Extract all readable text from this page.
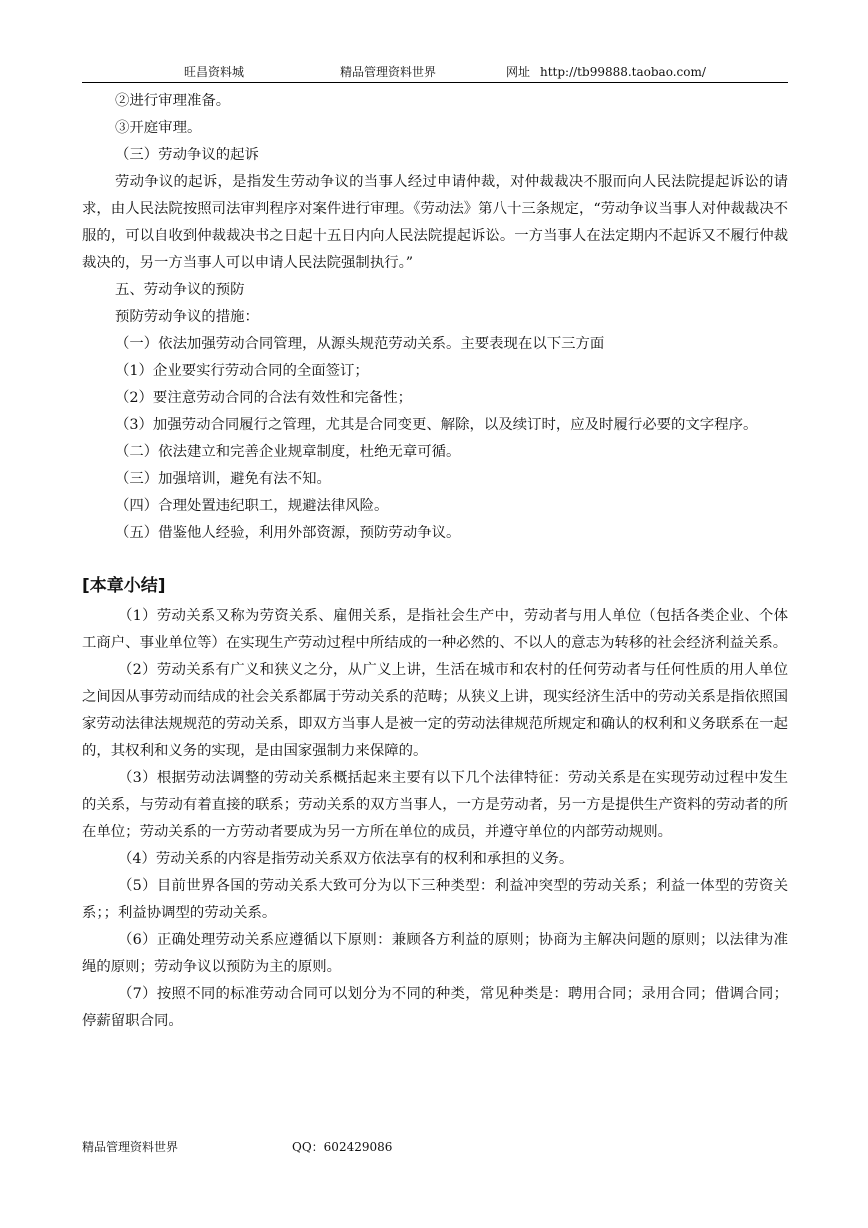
旺昌资料城	精品管理资料世界	网址 http://tb99888.taobao.com/

②进行审理准备。

③开庭审理。

（三）劳动争议的起诉

劳动争议的起诉，是指发生劳动争议的当事人经过申请仲裁，对仲裁裁决不服而向人民法院提起诉讼的请求，由人民法院按照司法审判程序对案件进行审理。《劳动法》第八十三条规定，“劳动争议当事人对仲裁裁决不服的，可以自收到仲裁裁决书之日起十五日内向人民法院提起诉讼。一方当事人在法定期内不起诉又不履行仲裁裁决的，另一方当事人可以申请人民法院强制执行。”

五、劳动争议的预防

预防劳动争议的措施：

（一）依法加强劳动合同管理，从源头规范劳动关系。主要表现在以下三方面

（1）企业要实行劳动合同的全面签订；

（2）要注意劳动合同的合法有效性和完备性；

（3）加强劳动合同履行之管理，尤其是合同变更、解除，以及续订时，应及时履行必要的文字程序。

（二）依法建立和完善企业规章制度，杜绝无章可循。

（三）加强培训，避免有法不知。

（四）合理处置违纪职工，规避法律风险。

（五）借鉴他人经验，利用外部资源，预防劳动争议。

[本章小结]

（1）劳动关系又称为劳资关系、雇佣关系，是指社会生产中，劳动者与用人单位（包括各类企业、个体工商户、事业单位等）在实现生产劳动过程中所结成的一种必然的、不以人的意志为转移的社会经济利益关系。

（2）劳动关系有广义和狭义之分，从广义上讲，生活在城市和农村的任何劳动者与任何性质的用人单位之间因从事劳动而结成的社会关系都属于劳动关系的范畴；从狭义上讲，现实经济生活中的劳动关系是指依照国家劳动法律法规规范的劳动关系，即双方当事人是被一定的劳动法律规范所规定和确认的权利和义务联系在一起的，其权利和义务的实现，是由国家强制力来保障的。

（3）根据劳动法调整的劳动关系概括起来主要有以下几个法律特征：劳动关系是在实现劳动过程中发生的关系，与劳动有着直接的联系；劳动关系的双方当事人，一方是劳动者，另一方是提供生产资料的劳动者的所在单位；劳动关系的一方劳动者要成为另一方所在单位的成员，并遵守单位的内部劳动规则。

（4）劳动关系的内容是指劳动关系双方依法享有的权利和承担的义务。

（5）目前世界各国的劳动关系大致可分为以下三种类型：利益冲突型的劳动关系；利益一体型的劳资关系；；利益协调型的劳动关系。

（6）正确处理劳动关系应遵循以下原则：兼顾各方利益的原则；协商为主解决问题的原则；以法律为准绳的原则；劳动争议以预防为主的原则。

（7）按照不同的标准劳动合同可以划分为不同的种类，常见种类是：聘用合同；录用合同；借调合同；停薪留职合同。

精品管理资料世界	QQ：602429086
